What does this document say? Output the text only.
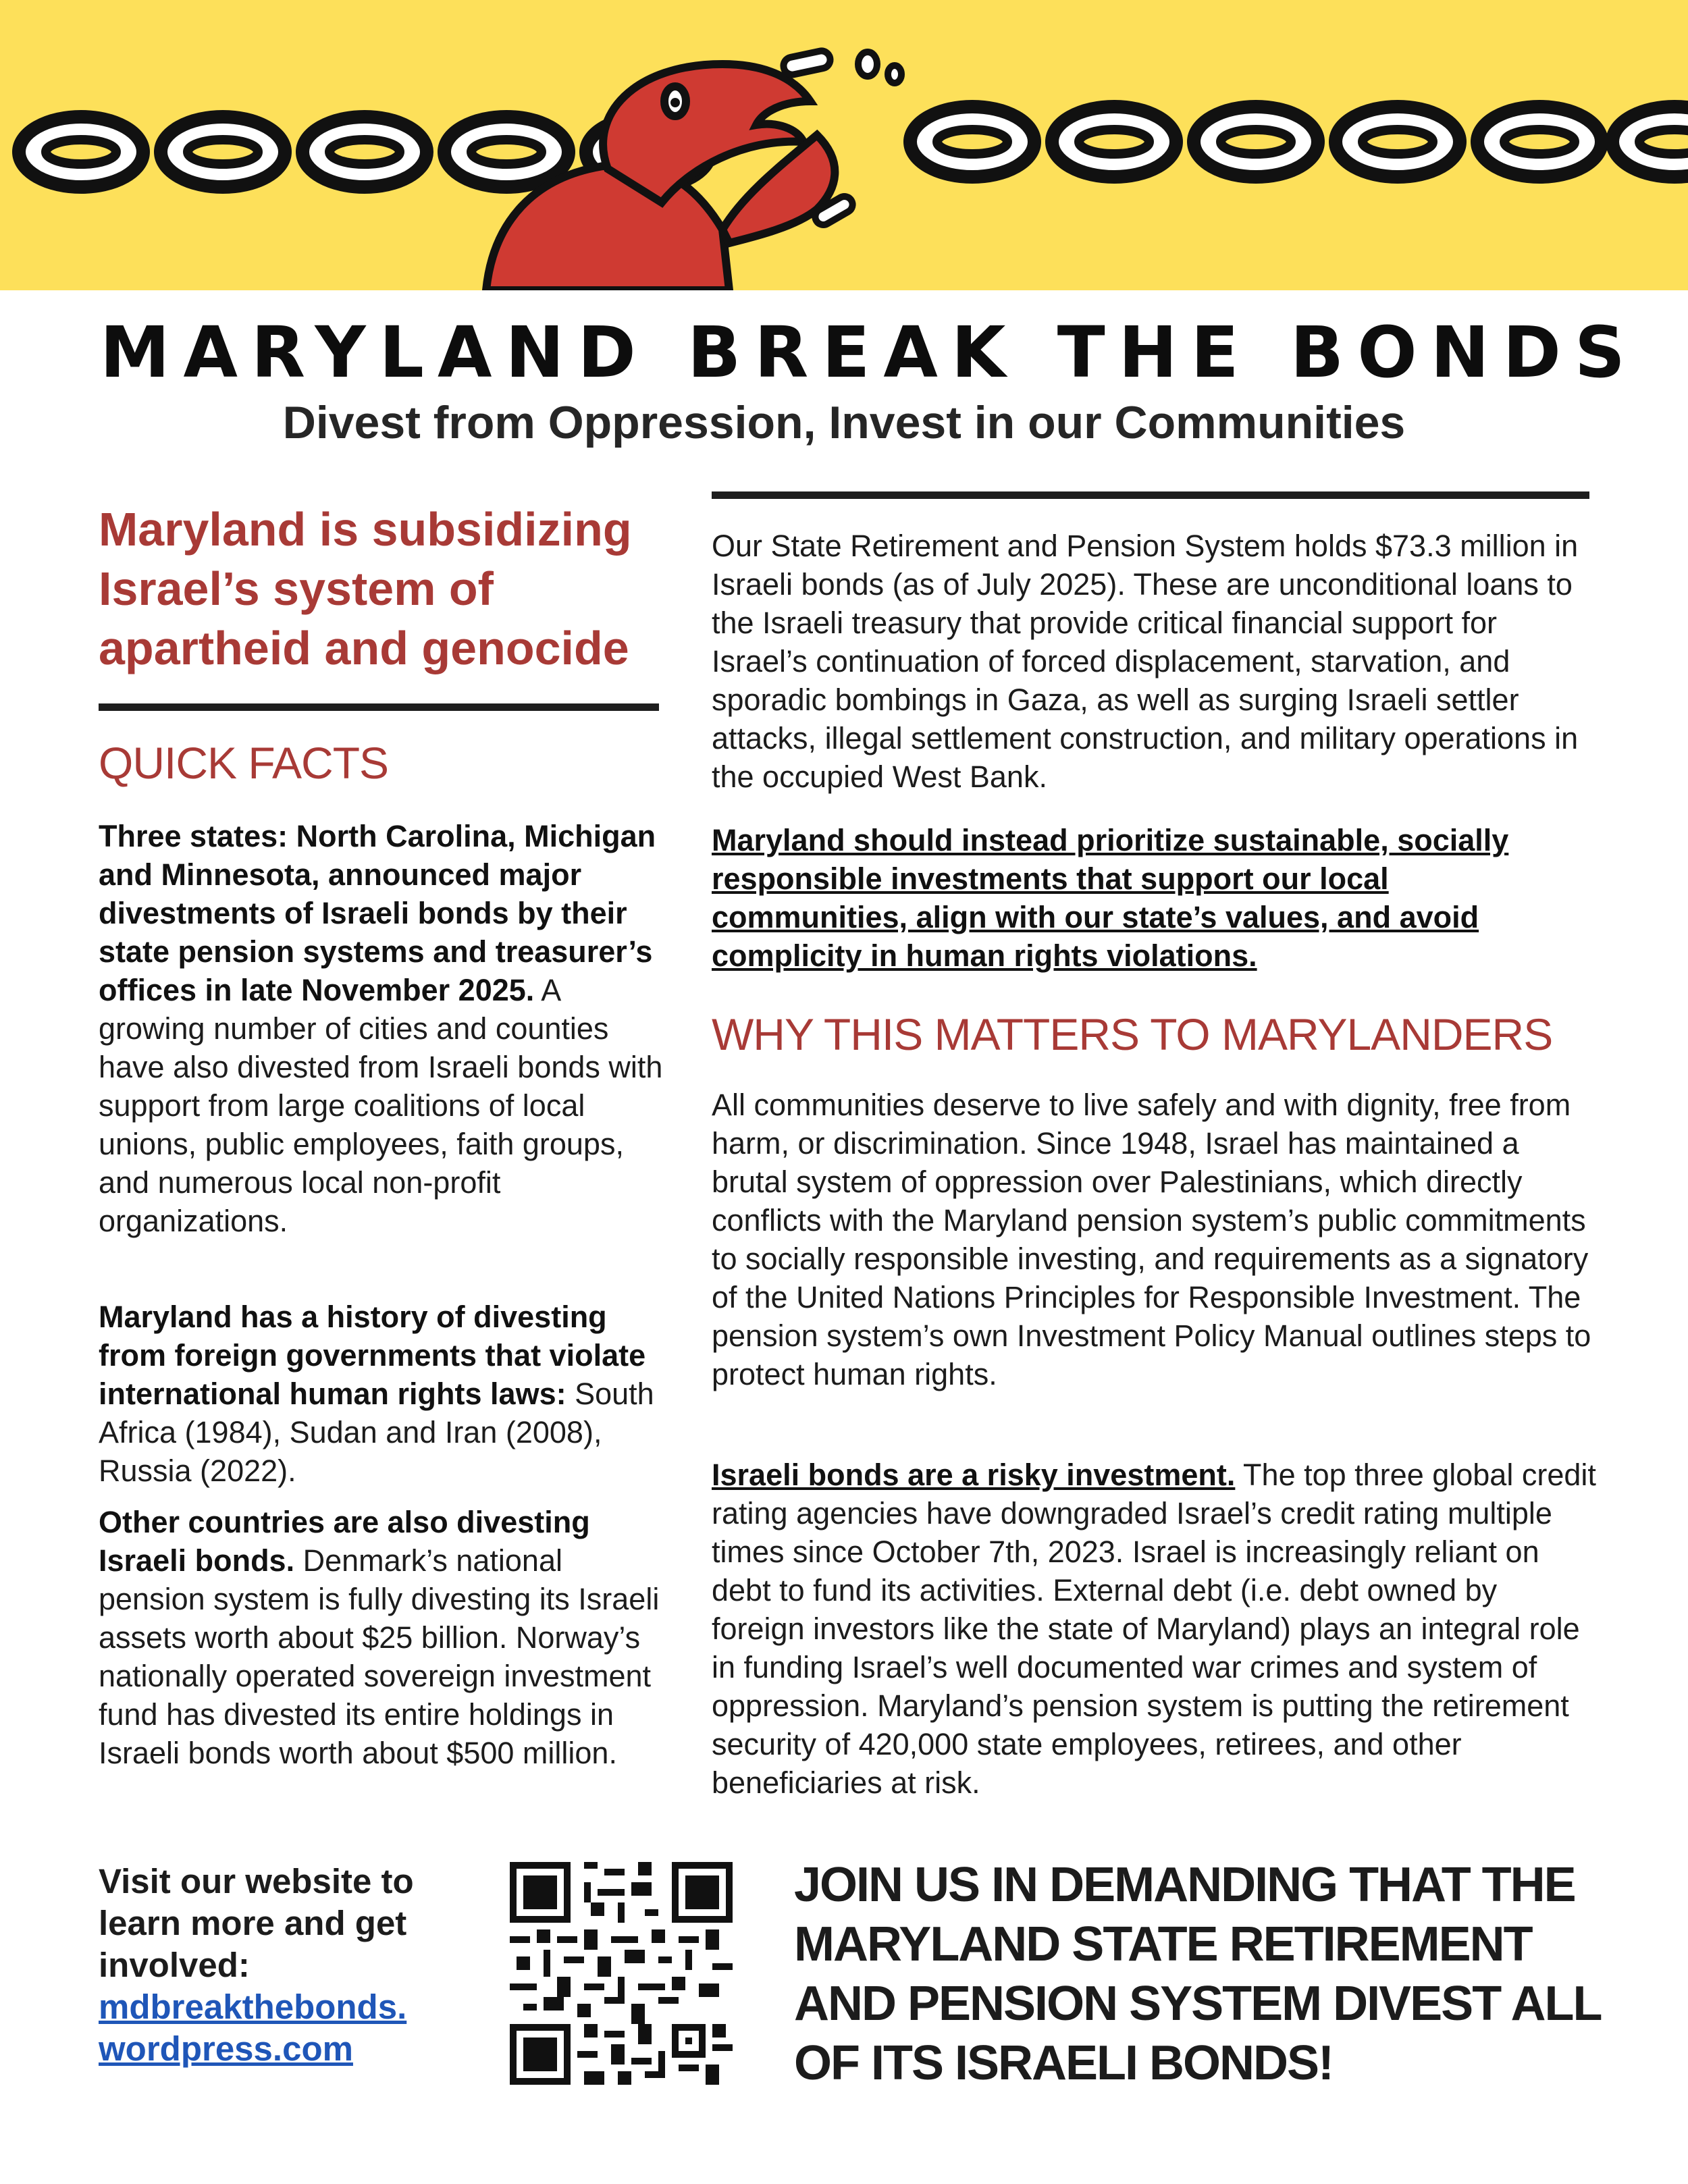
MARYLAND BREAK THE BONDS
Divest from Oppression, Invest in our Communities
Maryland is subsidizing Israel’s system of apartheid and genocide
QUICK FACTS

Three states: North Carolina, Michigan and Minnesota, announced major divestments of Israeli bonds by their state pension systems and treasurer’s offices in late November 2025. A growing number of cities and counties have also divested from Israeli bonds with support from large coalitions of local unions, public employees, faith groups, and numerous local non-profit organizations.

Maryland has a history of divesting from foreign governments that violate international human rights laws: South Africa (1984), Sudan and Iran (2008), Russia (2022).

Other countries are also divesting Israeli bonds. Denmark’s national pension system is fully divesting its Israeli assets worth about $25 billion. Norway’s nationally operated sovereign investment fund has divested its entire holdings in Israeli bonds worth about $500 million.

Our State Retirement and Pension System holds $73.3 million in Israeli bonds (as of July 2025). These are unconditional loans to the Israeli treasury that provide critical financial support for Israel’s continuation of forced displacement, starvation, and sporadic bombings in Gaza, as well as surging Israeli settler attacks, illegal settlement construction, and military operations in the occupied West Bank.

Maryland should instead prioritize sustainable, socially responsible investments that support our local communities, align with our state’s values, and avoid complicity in human rights violations.

WHY THIS MATTERS TO MARYLANDERS

All communities deserve to live safely and with dignity, free from harm, or discrimination. Since 1948, Israel has maintained a brutal system of oppression over Palestinians, which directly conflicts with the Maryland pension system’s public commitments to socially responsible investing, and requirements as a signatory of the United Nations Principles for Responsible Investment. The pension system’s own Investment Policy Manual outlines steps to protect human rights.

Israeli bonds are a risky investment. The top three global credit rating agencies have downgraded Israel’s credit rating multiple times since October 7th, 2023. Israel is increasingly reliant on debt to fund its activities. External debt (i.e. debt owned by foreign investors like the state of Maryland) plays an integral role in funding Israel’s well documented war crimes and system of oppression. Maryland’s pension system is putting the retirement security of 420,000 state employees, retirees, and other beneficiaries at risk.

Visit our website to learn more and get involved:

mdbreakthebonds.
wordpress.com

JOIN US IN DEMANDING THAT THE MARYLAND STATE RETIREMENT AND PENSION SYSTEM DIVEST ALL OF ITS ISRAELI BONDS!
